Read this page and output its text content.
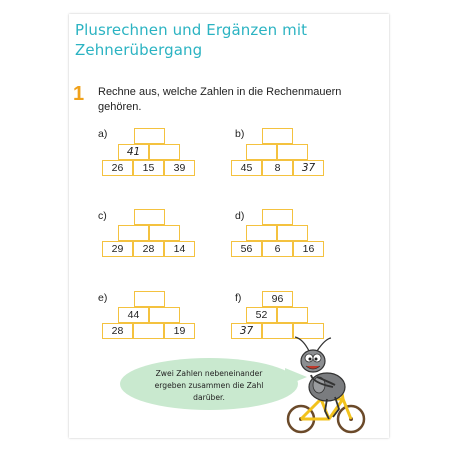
Plusrechnen und Ergänzen mit
Zehnerübergang
1 Rechne aus, welche Zahlen in die Rechenmauern
gehören.
a)
41
26	15	39
b)
45	8	37
c)
29	28	14
d)
56	6	16
e)
44
28	19
f)	96
52
37
Zwei Zahlen nebeneinander
ergeben zusammen die Zahl
darüber.
